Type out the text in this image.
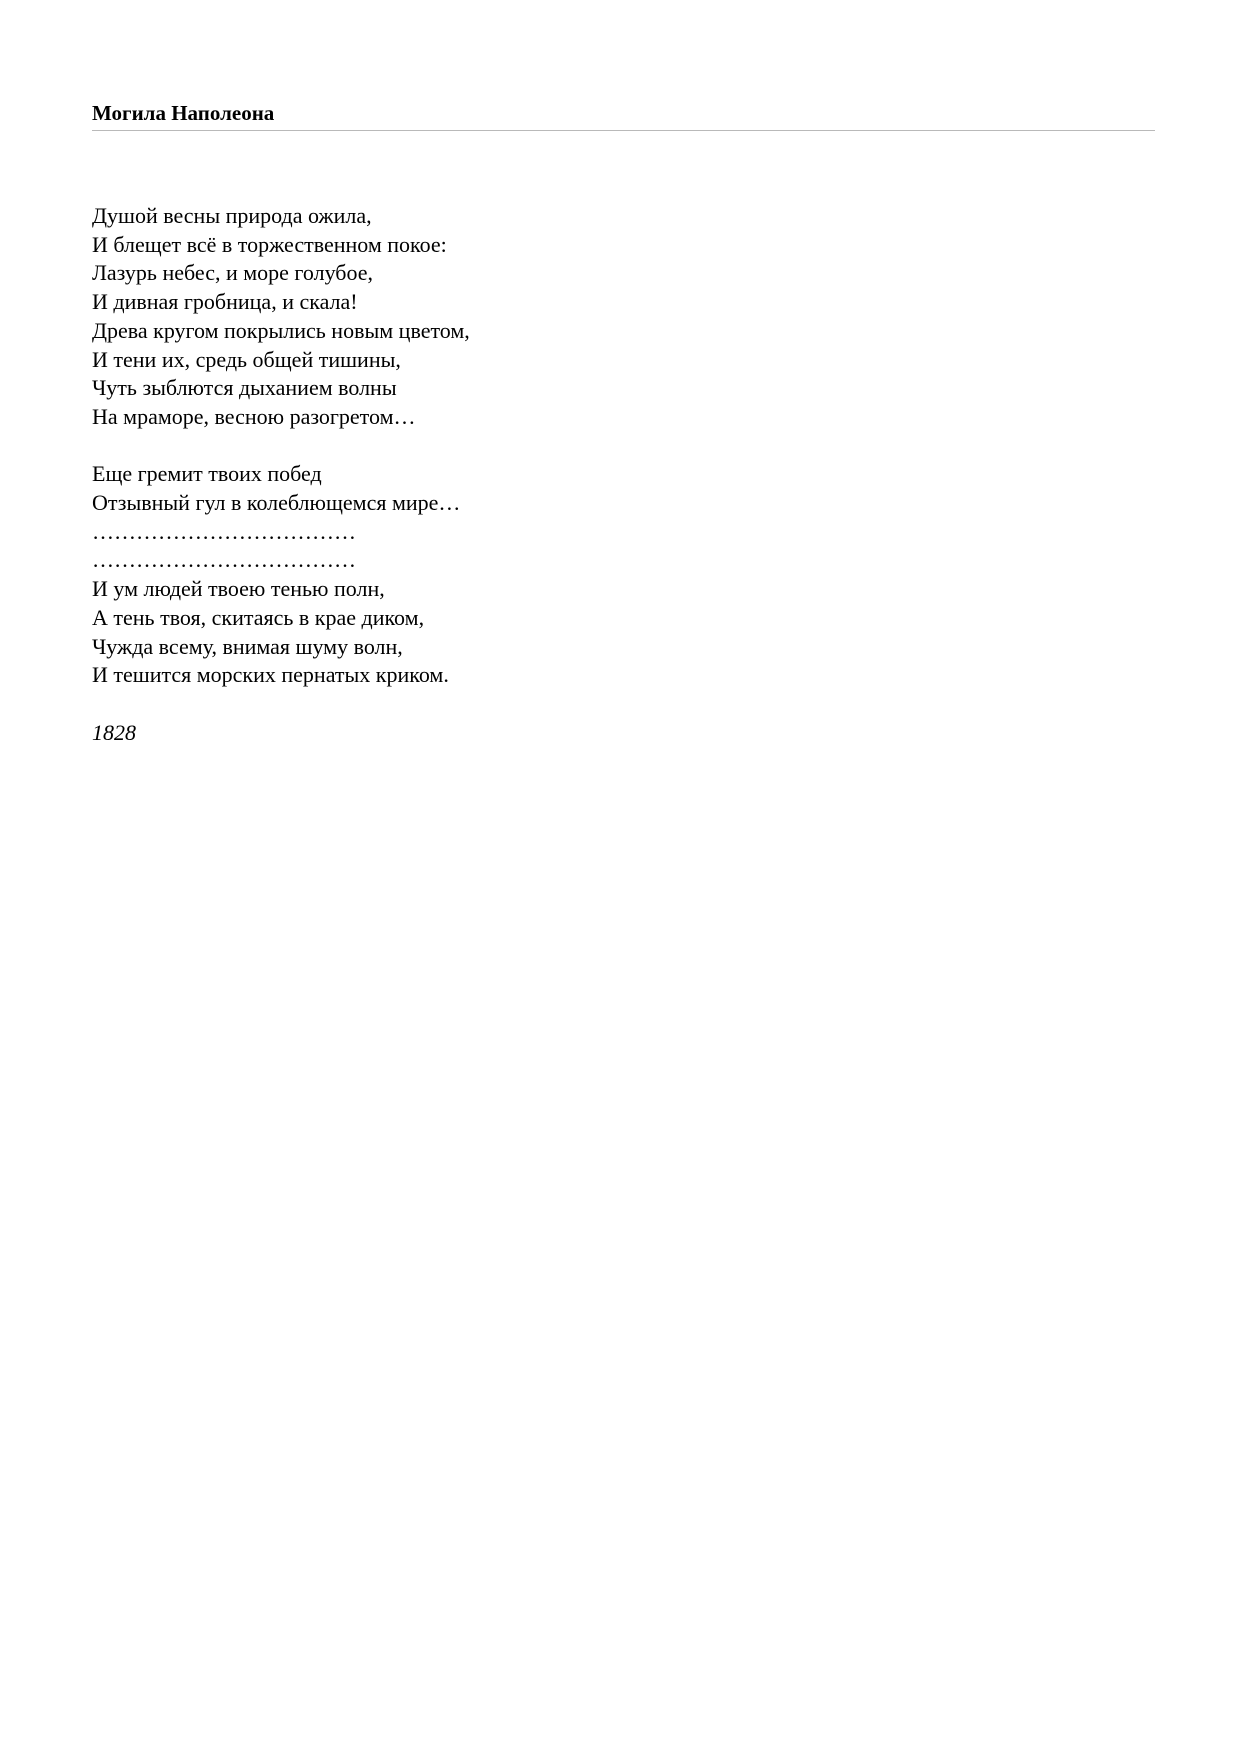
Могила Наполеона
Душой весны природа ожила,
И блещет всё в торжественном покое:
Лазурь небес, и море голубое,
И дивная гробница, и скала!
Древа кругом покрылись новым цветом,
И тени их, средь общей тишины,
Чуть зыблются дыханием волны
На мраморе, весною разогретом…
Еще гремит твоих побед
Отзывный гул в колеблющемся мире…
………………………………
………………………………
И ум людей твоею тенью полн,
А тень твоя, скитаясь в крае диком,
Чужда всему, внимая шуму волн,
И тешится морских пернатых криком.
1828
